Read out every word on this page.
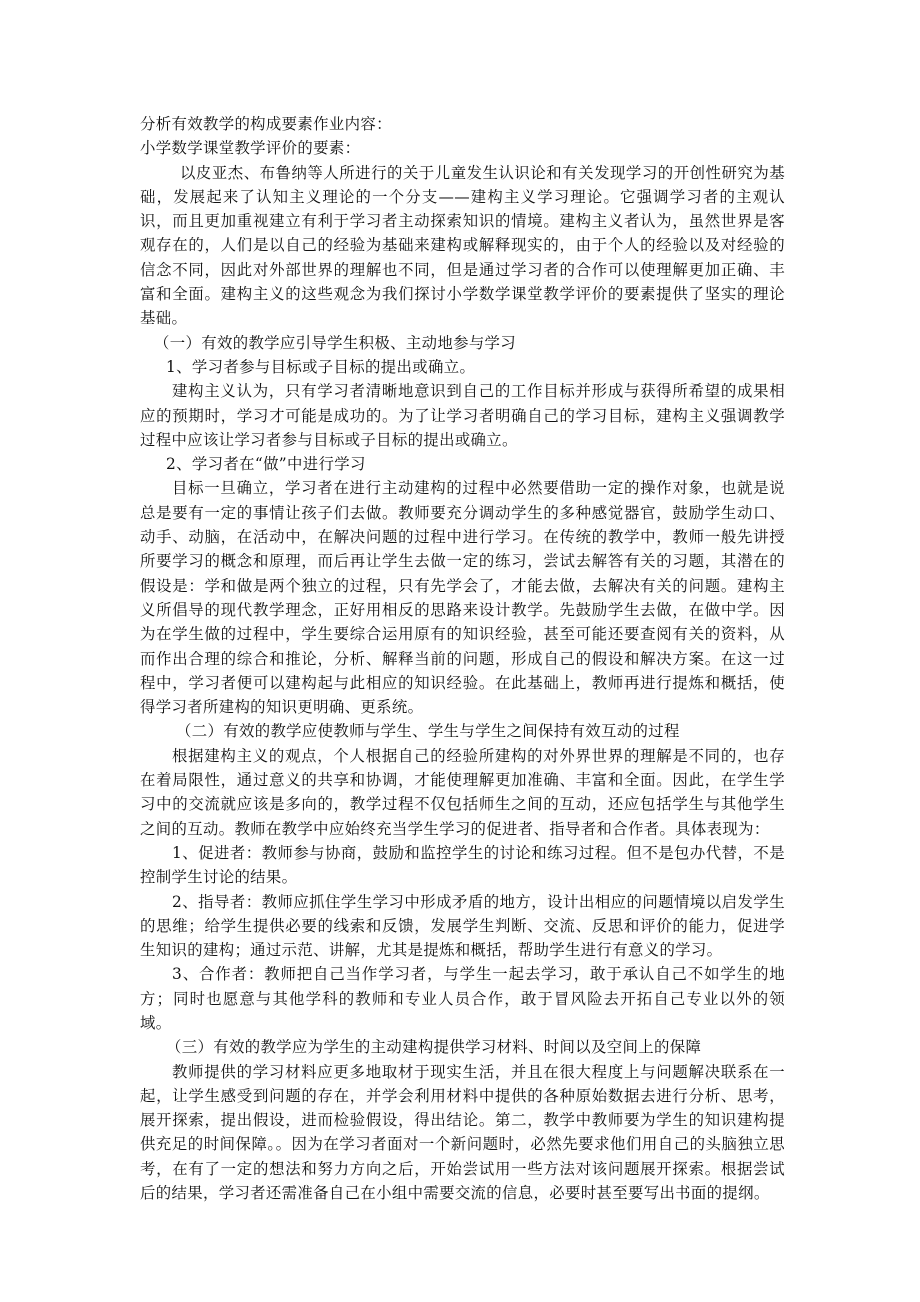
分析有效教学的构成要素作业内容：
小学数学课堂教学评价的要素：

以皮亚杰、布鲁纳等人所进行的关于儿童发生认识论和有关发现学习的开创性研究为基础，发展起来了认知主义理论的一个分支——建构主义学习理论。它强调学习者的主观认识，而且更加重视建立有利于学习者主动探索知识的情境。建构主义者认为，虽然世界是客观存在的，人们是以自己的经验为基础来建构或解释现实的，由于个人的经验以及对经验的信念不同，因此对外部世界的理解也不同，但是通过学习者的合作可以使理解更加正确、丰富和全面。建构主义的这些观念为我们探讨小学数学课堂教学评价的要素提供了坚实的理论基础。

（一）有效的教学应引导学生积极、主动地参与学习
1、学习者参与目标或子目标的提出或确立。

建构主义认为，只有学习者清晰地意识到自己的工作目标并形成与获得所希望的成果相应的预期时，学习才可能是成功的。为了让学习者明确自己的学习目标，建构主义强调教学过程中应该让学习者参与目标或子目标的提出或确立。

2、学习者在“做”中进行学习

目标一旦确立，学习者在进行主动建构的过程中必然要借助一定的操作对象，也就是说总是要有一定的事情让孩子们去做。教师要充分调动学生的多种感觉器官，鼓励学生动口、动手、动脑，在活动中，在解决问题的过程中进行学习。在传统的教学中，教师一般先讲授所要学习的概念和原理，而后再让学生去做一定的练习，尝试去解答有关的习题，其潜在的假设是：学和做是两个独立的过程，只有先学会了，才能去做，去解决有关的问题。建构主义所倡导的现代教学理念，正好用相反的思路来设计教学。先鼓励学生去做，在做中学。因为在学生做的过程中，学生要综合运用原有的知识经验，甚至可能还要查阅有关的资料，从而作出合理的综合和推论，分析、解释当前的问题，形成自己的假设和解决方案。在这一过程中，学习者便可以建构起与此相应的知识经验。在此基础上，教师再进行提炼和概括，使得学习者所建构的知识更明确、更系统。

（二）有效的教学应使教师与学生、学生与学生之间保持有效互动的过程

根据建构主义的观点，个人根据自己的经验所建构的对外界世界的理解是不同的，也存在着局限性，通过意义的共享和协调，才能使理解更加准确、丰富和全面。因此，在学生学习中的交流就应该是多向的，教学过程不仅包括师生之间的互动，还应包括学生与其他学生之间的互动。教师在教学中应始终充当学生学习的促进者、指导者和合作者。具体表现为：

1、促进者：教师参与协商，鼓励和监控学生的讨论和练习过程。但不是包办代替，不是控制学生讨论的结果。

2、指导者：教师应抓住学生学习中形成矛盾的地方，设计出相应的问题情境以启发学生的思维；给学生提供必要的线索和反馈，发展学生判断、交流、反思和评价的能力，促进学生知识的建构；通过示范、讲解，尤其是提炼和概括，帮助学生进行有意义的学习。

3、合作者：教师把自己当作学习者，与学生一起去学习，敢于承认自己不如学生的地方；同时也愿意与其他学科的教师和专业人员合作，敢于冒风险去开拓自己专业以外的领域。

（三）有效的教学应为学生的主动建构提供学习材料、时间以及空间上的保障

教师提供的学习材料应更多地取材于现实生活，并且在很大程度上与问题解决联系在一起，让学生感受到问题的存在，并学会利用材料中提供的各种原始数据去进行分析、思考，展开探索，提出假设，进而检验假设，得出结论。第二，教学中教师要为学生的知识建构提供充足的时间保障。。因为在学习者面对一个新问题时，必然先要求他们用自己的头脑独立思考，在有了一定的想法和努力方向之后，开始尝试用一些方法对该问题展开探索。根据尝试后的结果，学习者还需准备自己在小组中需要交流的信息，必要时甚至要写出书面的提纲。
